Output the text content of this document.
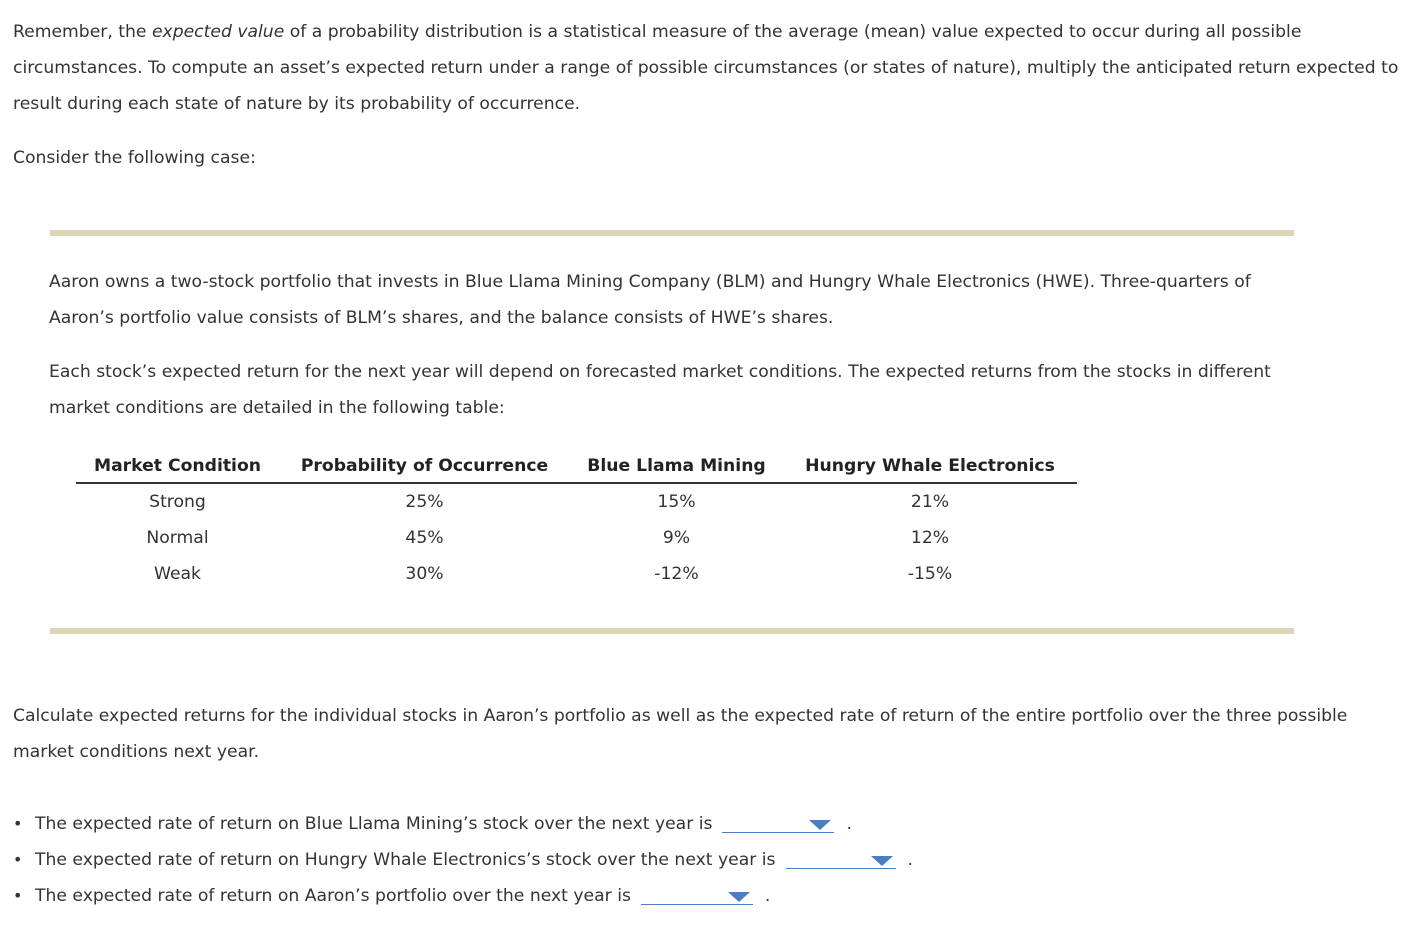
Remember, the expected value of a probability distribution is a statistical measure of the average (mean) value expected to occur during all possible circumstances. To compute an asset’s expected return under a range of possible circumstances (or states of nature), multiply the anticipated return expected to result during each state of nature by its probability of occurrence.

Consider the following case:

Aaron owns a two-stock portfolio that invests in Blue Llama Mining Company (BLM) and Hungry Whale Electronics (HWE). Three-quarters of Aaron’s portfolio value consists of BLM’s shares, and the balance consists of HWE’s shares.

Each stock’s expected return for the next year will depend on forecasted market conditions. The expected returns from the stocks in different market conditions are detailed in the following table:

Market Condition	Probability of Occurrence	Blue Llama Mining	Hungry Whale Electronics
Strong	25%	15%	21%
Normal	45%	9%	12%
Weak	30%	-12%	-15%

Calculate expected returns for the individual stocks in Aaron’s portfolio as well as the expected rate of return of the entire portfolio over the three possible market conditions next year.

• The expected rate of return on Blue Llama Mining’s stock over the next year is	.
• The expected rate of return on Hungry Whale Electronics’s stock over the next year is	.
• The expected rate of return on Aaron’s portfolio over the next year is	.
